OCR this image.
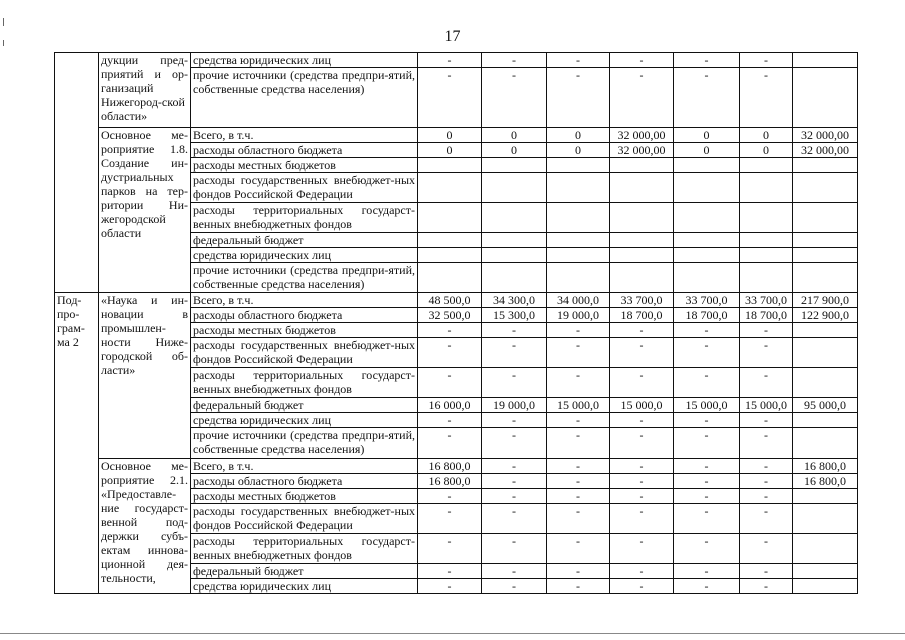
17
	дукции пред-приятий и ор-ганизаций Нижегород-ской области»	средства юридических лиц	-	-	-	-	-	-	
		прочие источники (средства предпри-ятий, собственные средства населения)	-	-	-	-	-	-	
	Основное ме-роприятие 1.8. Создание ин-дустриальных парков на тер-ритории Ни-жегородской области	Всего, в т.ч.	0	0	0	32 000,00	0	0	32 000,00
		расходы областного бюджета	0	0	0	32 000,00	0	0	32 000,00
		расходы местных бюджетов							
		расходы государственных внебюджет-ных фондов Российской Федерации							
		расходы территориальных государст-венных внебюджетных фондов							
		федеральный бюджет							
		средства юридических лиц							
		прочие источники (средства предпри-ятий, собственные средства населения)							
Под-про-грам-ма 2	«Наука и ин-новации в промышлен-ности Ниже-городской об-ласти»	Всего, в т.ч.	48 500,0	34 300,0	34 000,0	33 700,0	33 700,0	33 700,0	217 900,0
		расходы областного бюджета	32 500,0	15 300,0	19 000,0	18 700,0	18 700,0	18 700,0	122 900,0
		расходы местных бюджетов	-	-	-	-	-	-	
		расходы государственных внебюджет-ных фондов Российской Федерации	-	-	-	-	-	-	
		расходы территориальных государст-венных внебюджетных фондов	-	-	-	-	-	-	
		федеральный бюджет	16 000,0	19 000,0	15 000,0	15 000,0	15 000,0	15 000,0	95 000,0
		средства юридических лиц	-	-	-	-	-	-	
		прочие источники (средства предпри-ятий, собственные средства населения)	-	-	-	-	-	-	
	Основное ме-роприятие 2.1. «Предоставле-ние государст-венной под-держки субъ-ектам иннова-ционной дея-тельности,	Всего, в т.ч.	16 800,0	-	-	-	-	-	16 800,0
		расходы областного бюджета	16 800,0	-	-	-	-	-	16 800,0
		расходы местных бюджетов	-	-	-	-	-	-	
		расходы государственных внебюджет-ных фондов Российской Федерации	-	-	-	-	-	-	
		расходы территориальных государст-венных внебюджетных фондов	-	-	-	-	-	-	
		федеральный бюджет	-	-	-	-	-	-	
		средства юридических лиц	-	-	-	-	-	-	
